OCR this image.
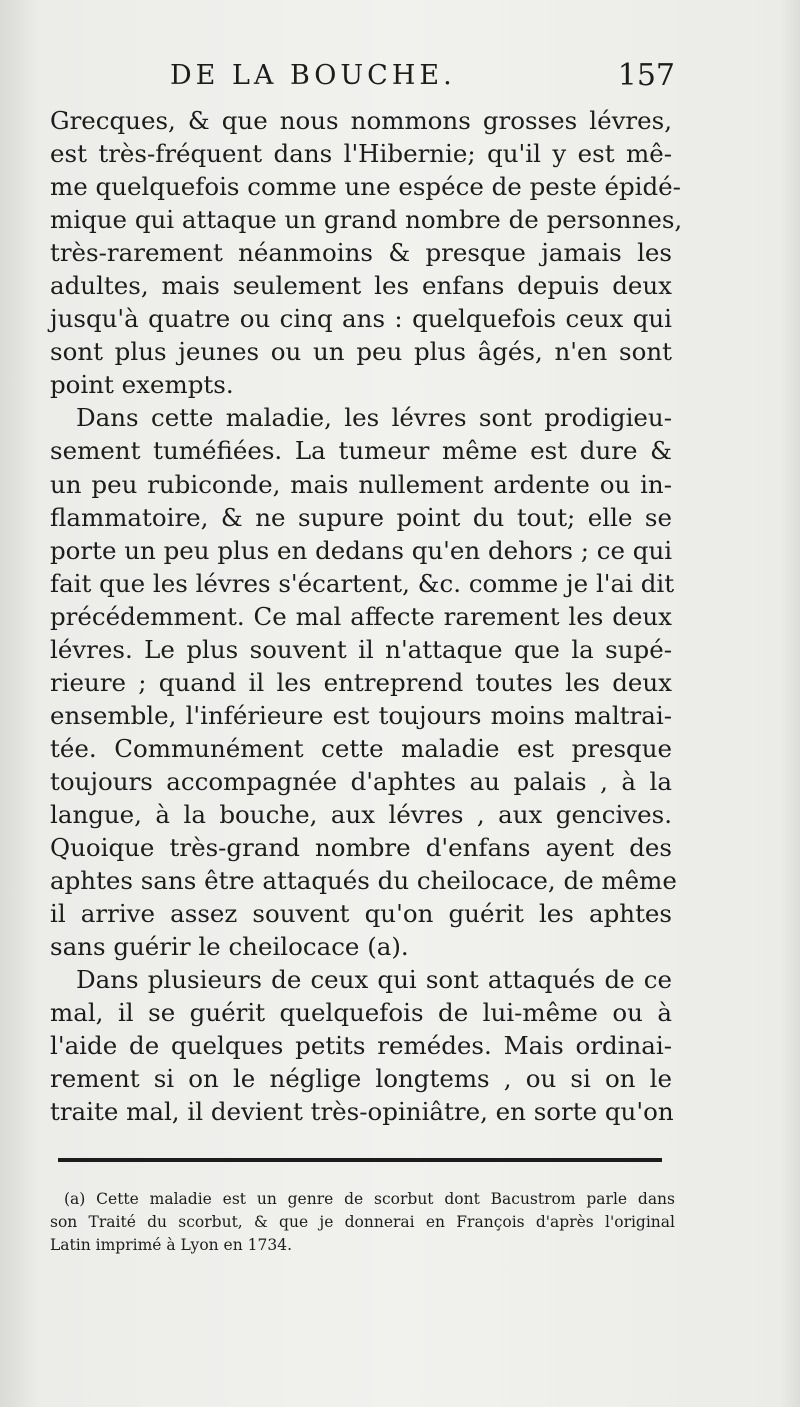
DE LA BOUCHE.	157
Grecques, & que nous nommons grosses lévres,
est très-fréquent dans l'Hibernie; qu'il y est mê-
me quelquefois comme une espéce de peste épidé-
mique qui attaque un grand nombre de personnes,
très-rarement néanmoins & presque jamais les
adultes, mais seulement les enfans depuis deux
jusqu'à quatre ou cinq ans : quelquefois ceux qui
sont plus jeunes ou un peu plus âgés, n'en sont
point exempts.
Dans cette maladie, les lévres sont prodigieu-
sement tuméfiées. La tumeur même est dure &
un peu rubiconde, mais nullement ardente ou in-
flammatoire, & ne supure point du tout; elle se
porte un peu plus en dedans qu'en dehors ; ce qui
fait que les lévres s'écartent, &c. comme je l'ai dit
précédemment. Ce mal affecte rarement les deux
lévres. Le plus souvent il n'attaque que la supé-
rieure ; quand il les entreprend toutes les deux
ensemble, l'inférieure est toujours moins maltrai-
tée. Communément cette maladie est presque
toujours accompagnée d'aphtes au palais , à la
langue, à la bouche, aux lévres , aux gencives.
Quoique très-grand nombre d'enfans ayent des
aphtes sans être attaqués du cheilocace, de même
il arrive assez souvent qu'on guérit les aphtes
sans guérir le cheilocace (a).
Dans plusieurs de ceux qui sont attaqués de ce
mal, il se guérit quelquefois de lui-même ou à
l'aide de quelques petits remédes. Mais ordinai-
rement si on le néglige longtems , ou si on le
traite mal, il devient très-opiniâtre, en sorte qu'on
(a) Cette maladie est un genre de scorbut dont Bacustrom parle dans
son Traité du scorbut, & que je donnerai en François d'après l'original
Latin imprimé à Lyon en 1734.
